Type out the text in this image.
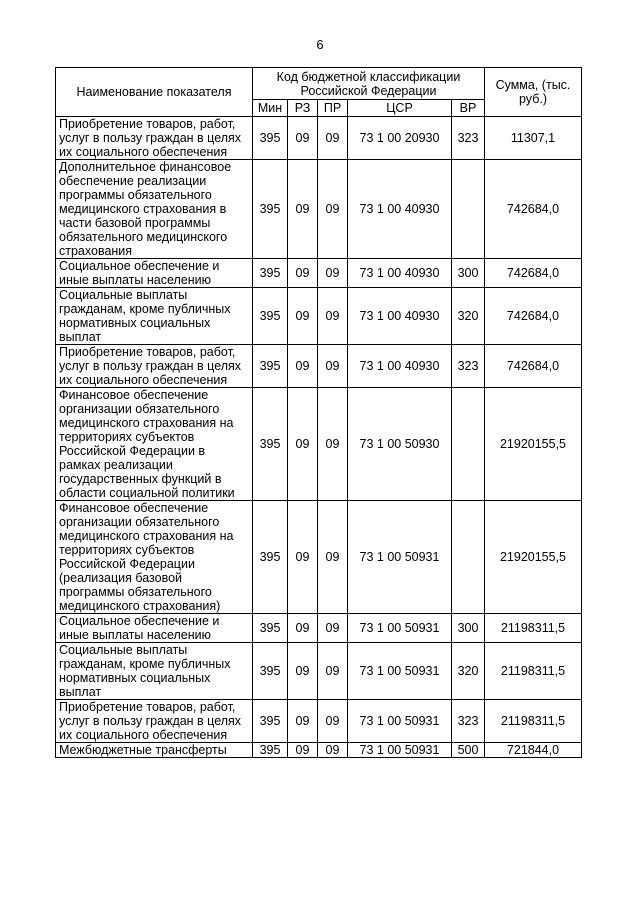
6
Наименование показателя	Код бюджетной классификации Российской Федерации					Сумма, (тыс. руб.)
	Мин	РЗ	ПР	ЦСР	ВР	
Приобретение товаров, работ, услуг в пользу граждан в целях их социального обеспечения	395	09	09	73 1 00 20930	323	11307,1
Дополнительное финансовое обеспечение реализации программы обязательного медицинского страхования в части базовой программы обязательного медицинского страхования	395	09	09	73 1 00 40930		742684,0
Социальное обеспечение и иные выплаты населению	395	09	09	73 1 00 40930	300	742684,0
Социальные выплаты гражданам, кроме публичных нормативных социальных выплат	395	09	09	73 1 00 40930	320	742684,0
Приобретение товаров, работ, услуг в пользу граждан в целях их социального обеспечения	395	09	09	73 1 00 40930	323	742684,0
Финансовое обеспечение организации обязательного медицинского страхования на территориях субъектов Российской Федерации в рамках реализации государственных функций в области социальной политики	395	09	09	73 1 00 50930		21920155,5
Финансовое обеспечение организации обязательного медицинского страхования на территориях субъектов Российской Федерации (реализация базовой программы обязательного медицинского страхования)	395	09	09	73 1 00 50931		21920155,5
Социальное обеспечение и иные выплаты населению	395	09	09	73 1 00 50931	300	21198311,5
Социальные выплаты гражданам, кроме публичных нормативных социальных выплат	395	09	09	73 1 00 50931	320	21198311,5
Приобретение товаров, работ, услуг в пользу граждан в целях их социального обеспечения	395	09	09	73 1 00 50931	323	21198311,5
Межбюджетные трансферты	395	09	09	73 1 00 50931	500	721844,0
